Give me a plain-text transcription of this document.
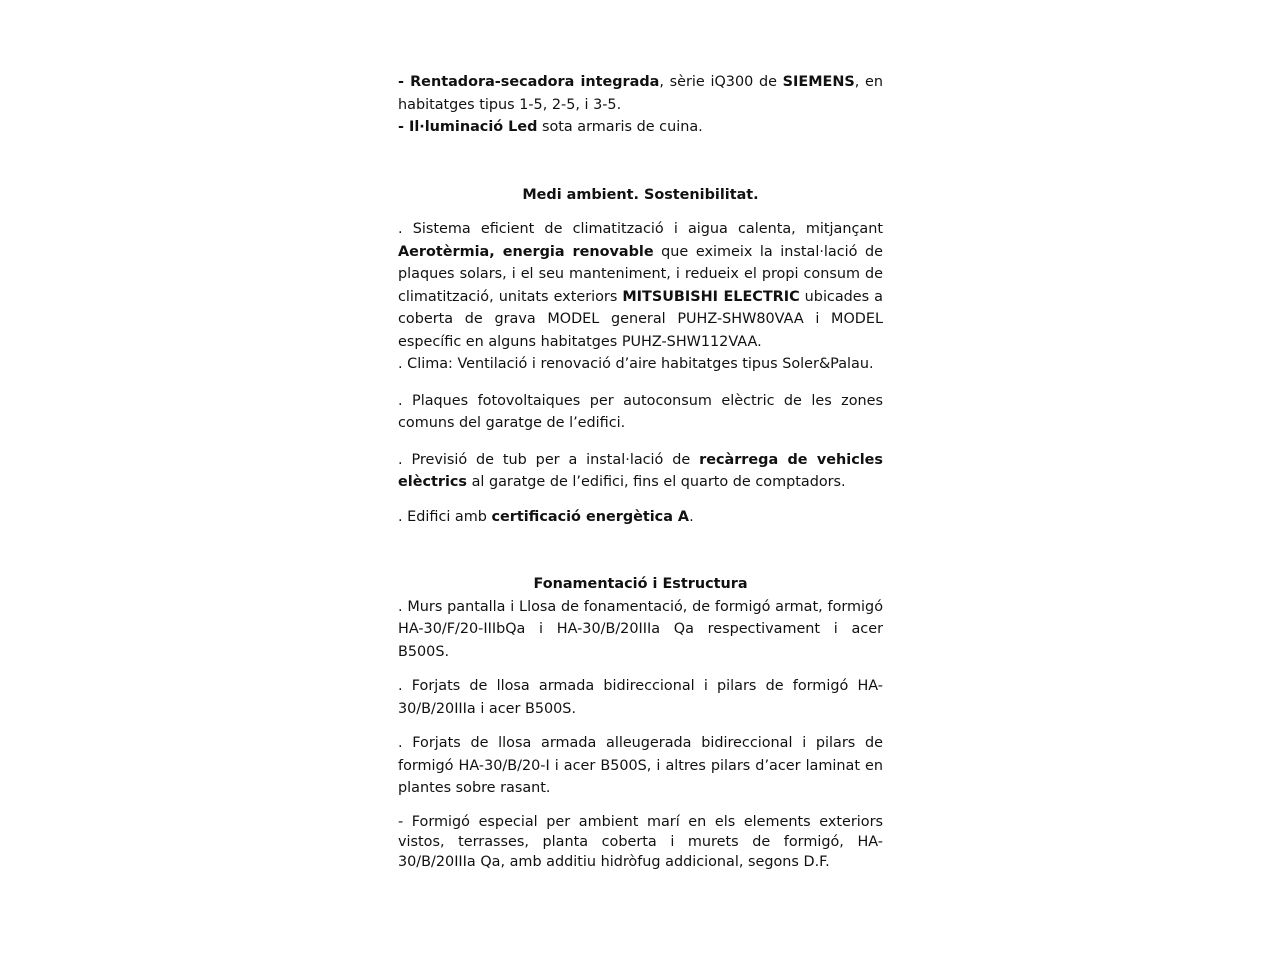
- Rentadora-secadora integrada, sèrie iQ300 de SIEMENS, en habitatges tipus 1-5, 2-5, i 3-5.

- Il·luminació Led sota armaris de cuina.

Medi ambient. Sostenibilitat.

. Sistema eficient de climatització i aigua calenta, mitjançant Aerotèrmia, energia renovable que eximeix la instal·lació de plaques solars, i el seu manteniment, i redueix el propi consum de climatització, unitats exteriors MITSUBISHI ELECTRIC ubicades a coberta de grava MODEL general PUHZ-SHW80VAA i MODEL específic en alguns habitatges PUHZ-SHW112VAA.

. Clima: Ventilació i renovació d’aire habitatges tipus Soler&Palau.

. Plaques fotovoltaiques per autoconsum elèctric de les zones comuns del garatge de l’edifici.

. Previsió de tub per a instal·lació de recàrrega de vehicles elèctrics al garatge de l’edifici, fins el quarto de comptadors.

. Edifici amb certificació energètica A.

Fonamentació i Estructura

. Murs pantalla i Llosa de fonamentació, de formigó armat, formigó HA-30/F/20-IIIbQa i HA-30/B/20IIIa Qa respectivament i acer B500S.

. Forjats de llosa armada bidireccional i pilars de formigó HA-30/B/20IIIa i acer B500S.

. Forjats de llosa armada alleugerada bidireccional i pilars de formigó HA-30/B/20-I i acer B500S, i altres pilars d’acer laminat en plantes sobre rasant.

- Formigó especial per ambient marí en els elements exteriors vistos, terrasses, planta coberta i murets de formigó, HA-30/B/20IIIa Qa, amb additiu hidròfug addicional, segons D.F.
